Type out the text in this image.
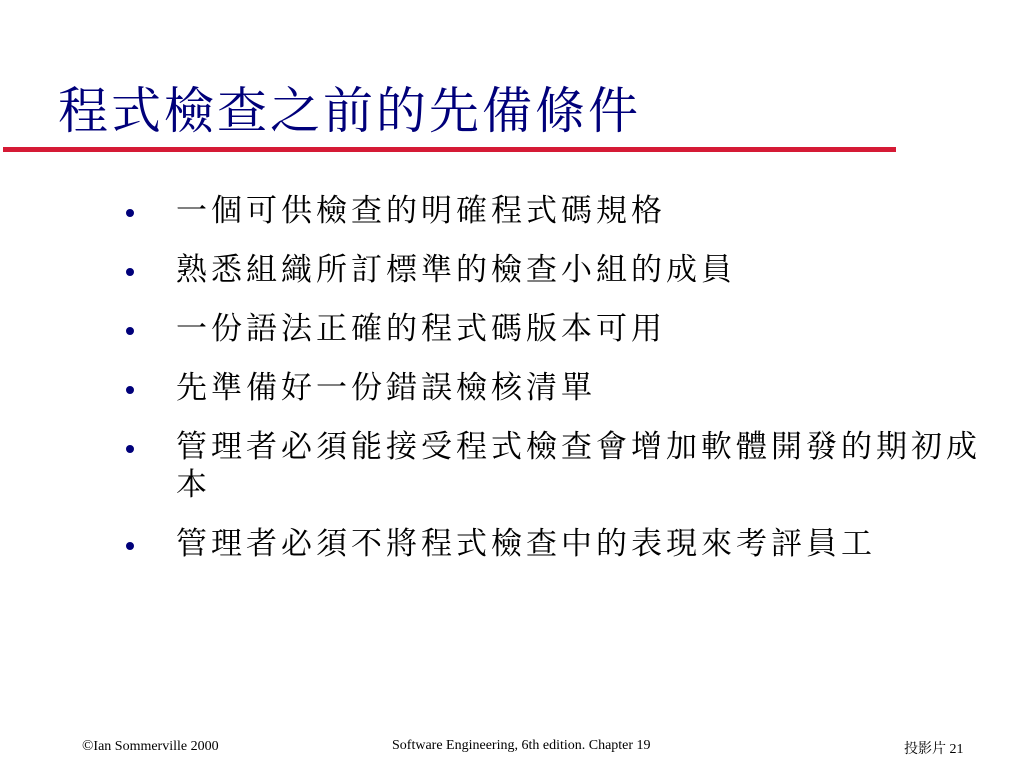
程式檢查之前的先備條件
一個可供檢查的明確程式碼規格
熟悉組織所訂標準的檢查小組的成員
一份語法正確的程式碼版本可用
先準備好一份錯誤檢核清單
管理者必須能接受程式檢查會增加軟體開發的期初成本
管理者必須不將程式檢查中的表現來考評員工
©Ian Sommerville 2000	Software Engineering, 6th edition. Chapter 19	投影片 21
